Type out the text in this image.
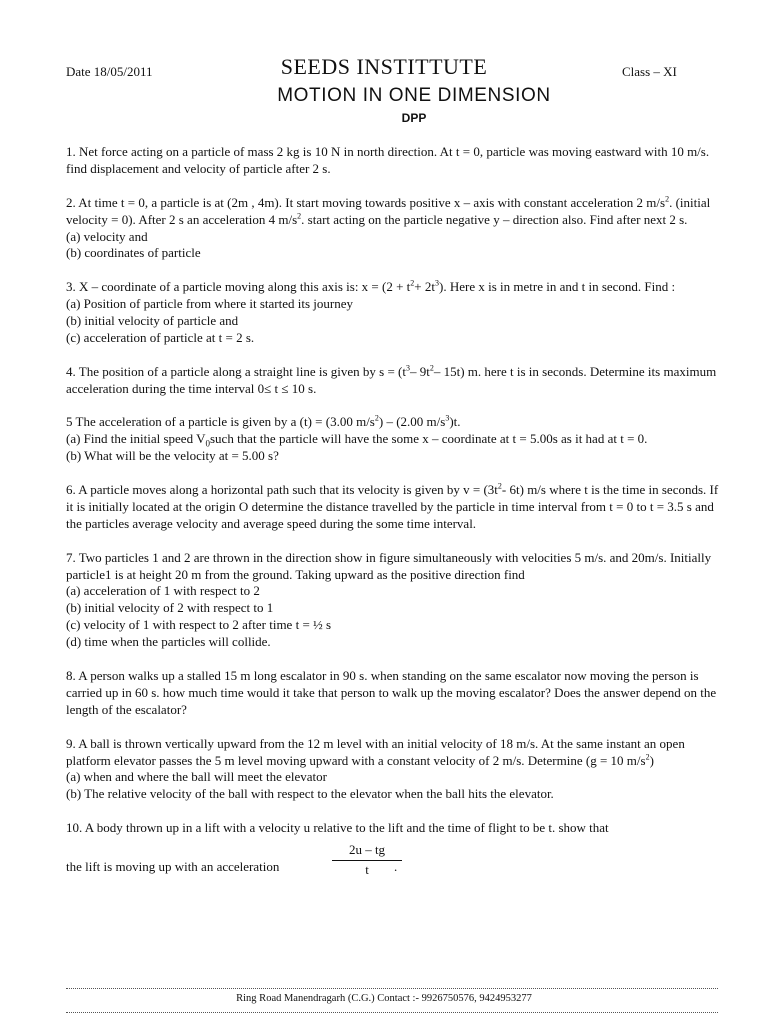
Date 18/05/2011	SEEDS INSTITTUTE	Class – XI
MOTION IN ONE DIMENSION
DPP

1. Net force acting on a particle of mass 2 kg is 10 N in north direction. At t = 0, particle was moving eastward with 10 m/s. find displacement and velocity of particle after 2 s.

2. At time t = 0, a particle is at (2m , 4m). It start moving towards positive x – axis with constant acceleration 2 $m/s^2$. (initial velocity = 0). After 2 s an acceleration 4 $m/s^2$. start acting on the particle negative y – direction also. Find after next 2 s.

(a) velocity and

(b) coordinates of particle

3. X – coordinate of a particle moving along this axis is: $x = (2 + t^2+ 2t^3)$. Here x is in metre in and t in second. Find :

(a) Position of particle from where it started its journey

(b) initial velocity of particle and

(c) acceleration of particle at t = 2 s.

4. The position of a particle along a straight line is given by $s = (t^3-$ $9t^2-$ 15t) m. here t is in seconds. Determine its maximum acceleration during the time interval 0≤ t ≤ 10 s.

5 The acceleration of a particle is given by a (t) = (3.00 $m/s^2) - (2.00$ $m/s^3)t$.

(a) Find the initial speed $V_0such$ that the particle will have the some x – coordinate at t = 5.00s as it had at t = 0.

(b) What will be the velocity at = 5.00 s?

6. A particle moves along a horizontal path such that its velocity is given by $v = (3t^2-$ 6t) m/s where t is the time in seconds. If it is initially located at the origin O determine the distance travelled by the particle in time interval from t = 0 to t = 3.5 s and the particles average velocity and average speed during the some time interval.

7. Two particles 1 and 2 are thrown in the direction show in figure simultaneously with velocities 5 m/s. and 20m/s. Initially particle1 is at height 20 m from the ground. Taking upward as the positive direction find

(a) acceleration of 1 with respect to 2

(b) initial velocity of 2 with respect to 1

(c) velocity of 1 with respect to 2 after time t = ½ s

(d) time when the particles will collide.

8. A person walks up a stalled 15 m long escalator in 90 s. when standing on the same escalator now moving the person is carried up in 60 s. how much time would it take that person to walk up the moving escalator? Does the answer depend on the length of the escalator?

9. A ball is thrown vertically upward from the 12 m level with an initial velocity of 18 m/s. At the same instant an open platform elevator passes the 5 m level moving upward with a constant velocity of 2 m/s. Determine (g = 10 $m/s^2$)

(a) when and where the ball will meet the elevator

(b) The relative velocity of the ball with respect to the elevator when the ball hits the elevator.

10. A body thrown up in a lift with a velocity u relative to the lift and the time of flight to be t. show that

the lift is moving up with an acceleration	$\frac{2u - tg}{t}$
.
Ring Road Manendragarh (C.G.) Contact :- 9926750576, 9424953277
